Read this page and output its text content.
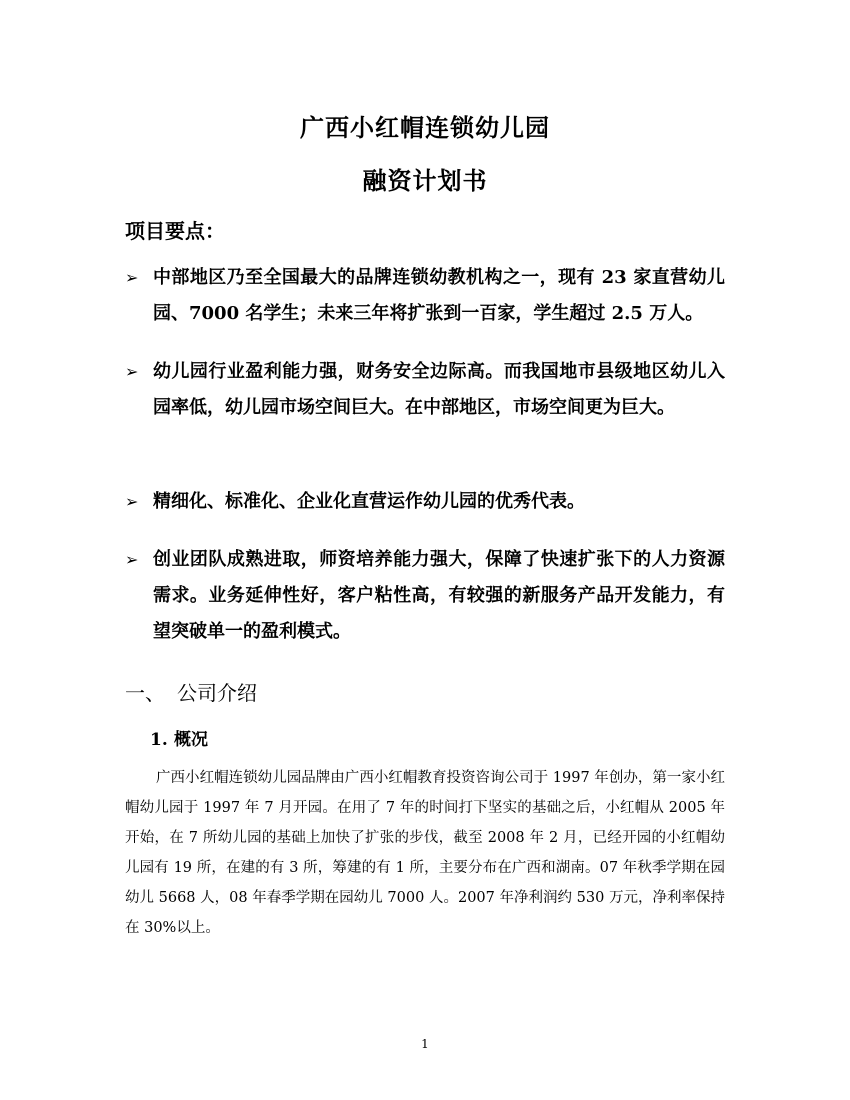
广西小红帽连锁幼儿园
融资计划书
项目要点：
➢ 中部地区乃至全国最大的品牌连锁幼教机构之一，现有 23 家直营幼儿园、7000 名学生；未来三年将扩张到一百家，学生超过 2.5 万人。
➢ 幼儿园行业盈利能力强，财务安全边际高。而我国地市县级地区幼儿入园率低，幼儿园市场空间巨大。在中部地区，市场空间更为巨大。
➢ 精细化、标准化、企业化直营运作幼儿园的优秀代表。
➢ 创业团队成熟进取，师资培养能力强大，保障了快速扩张下的人力资源需求。业务延伸性好，客户粘性高，有较强的新服务产品开发能力，有望突破单一的盈利模式。
一、 公司介绍
1. 概况
广西小红帽连锁幼儿园品牌由广西小红帽教育投资咨询公司于 1997 年创办，第一家小红帽幼儿园于 1997 年 7 月开园。在用了 7 年的时间打下坚实的基础之后，小红帽从 2005 年开始，在 7 所幼儿园的基础上加快了扩张的步伐，截至 2008 年 2 月，已经开园的小红帽幼儿园有 19 所，在建的有 3 所，筹建的有 1 所，主要分布在广西和湖南。07 年秋季学期在园幼儿 5668 人，08 年春季学期在园幼儿 7000 人。2007 年净利润约 530 万元，净利率保持在 30%以上。
1
